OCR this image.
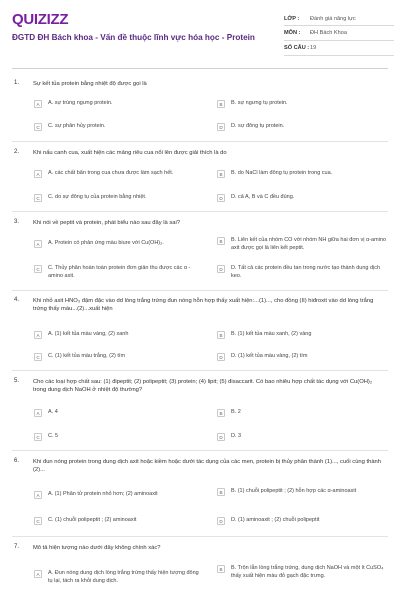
QUIZIZZ
ĐGTD ĐH Bách khoa - Vấn đề thuộc lĩnh vực hóa học - Protein
LỚP :	Đánh giá năng lực
MÔN :	ĐH Bách Khoa
SỐ CÂU : 19
1. Sự kết tủa protein bằng nhiệt độ được gọi là
A	A. sự trùng ngưng protein.	B	B. sự ngưng tụ protein.
C	C. sự phân hủy protein.	D	D. sự đông tụ protein.
2. Khi nấu canh cua, xuất hiện các mảng riêu cua nổi lên được giải thích là do
A	A. các chất bẩn trong cua chưa được làm sạch hết.	B	B. do NaCl làm đông tụ protein trong cua.
C	C. do sự đông tụ của protein bằng nhiệt.	D	D. cả A, B và C đều đúng.
3. Khi nói về peptit và protein, phát biểu nào sau đây là sai?
A	A. Protein có phản ứng màu biure với Cu(OH)₂.	B	B. Liên kết của nhóm CO với nhóm NH giữa hai đơn vị α-amino axit được gọi là liên kết peptit.
C	C. Thủy phân hoàn toàn protein đơn giản thu được các α -amino axit.
D	D. Tất cả các protein đều tan trong nước tạo thành dung dịch keo.
4. Khi nhỏ axit HNO₃ đậm đặc vào dd lòng trắng trứng đun nóng hỗn hợp thấy xuất hiện:...(1)..., cho đồng (II) hiđroxit vào dd lòng trắng trứng thấy màu...(2)...xuất hiện
A	A. (1) kết tủa màu vàng, (2) xanh	B	B. (1) kết tủa màu xanh, (2) vàng
C	C. (1) kết tủa màu trắng, (2) tím	D	D. (1) kết tủa màu vàng, (2) tím
5. Cho các loại hợp chất sau: (1) đipeptit; (2) polipeptit; (3) protein; (4) lipit; (5) đisaccarit. Có bao nhiêu hợp chất tác dụng với Cu(OH)₂ trong dung dịch NaOH ở nhiệt độ thường?
A	A. 4	B	B. 2
C	C. 5	D	D. 3
6. Khi đun nóng protein trong dung dịch axit hoặc kiềm hoặc dưới tác dụng của các men, protein bị thủy phân thành (1)..., cuối cùng thành (2)...
A	A. (1) Phân tử protein nhỏ hơn; (2) aminoaxit	B	B. (1) chuỗi polipeptit ; (2) hỗn hợp các α-aminoaxit
C	C. (1) chuỗi polipeptit ; (2) aminoaxit	D	D. (1) aminoaxit ; (2) chuỗi polipeptit
7. Mô tả hiện tượng nào dưới đây không chính xác?
A	A. Đun nóng dung dịch lòng trắng trứng thấy hiện tượng đông tụ lại, tách ra khỏi dung dịch.
B	B. Trộn lẫn lòng trắng trứng, dung dịch NaOH và một ít CuSO₄ thấy xuất hiện màu đỏ gạch đặc trưng.
